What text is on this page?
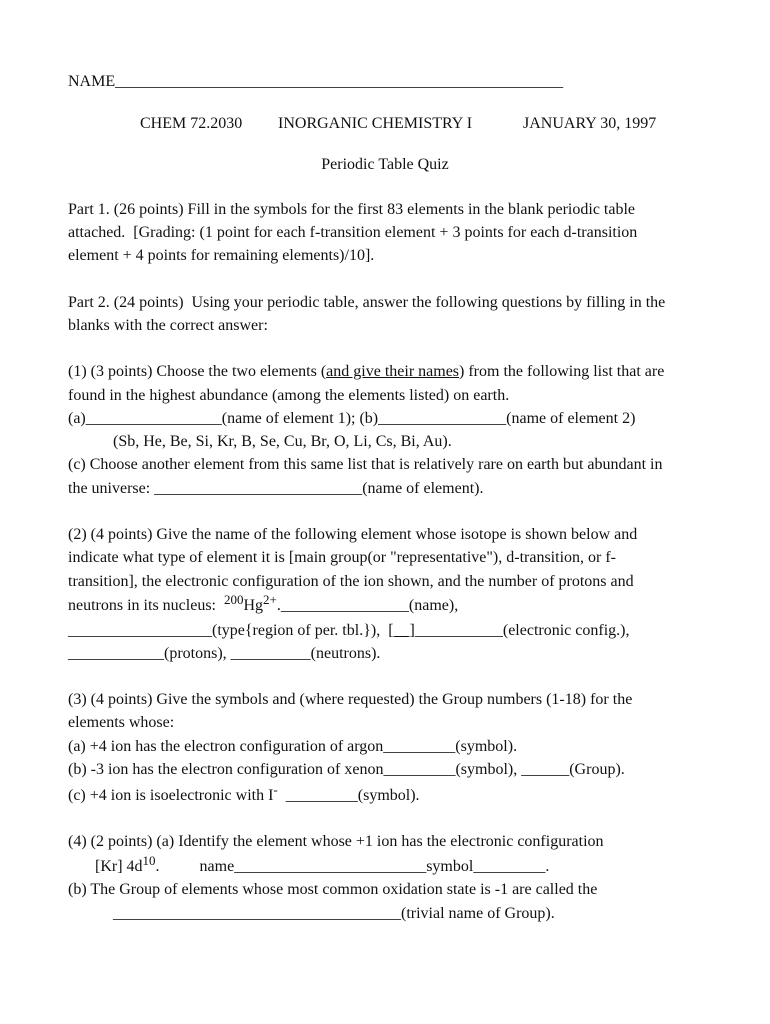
NAME________________________________________________________

CHEM 72.2030

INORGANIC CHEMISTRY I

	JANUARY 30, 1997

Periodic Table Quiz
Part 1. (26 points) Fill in the symbols for the first 83 elements in the blank periodic table
attached.  [Grading: (1 point for each f-transition element + 3 points for each d-transition
element + 4 points for remaining elements)/10].
Part 2. (24 points)  Using your periodic table, answer the following questions by filling in the
blanks with the correct answer:
(1) (3 points) Choose the two elements (and give their names) from the following list that are
found in the highest abundance (among the elements listed) on earth.
(a)_________________(name of element 1); (b)________________(name of element 2)
(Sb, He, Be, Si, Kr, B, Se, Cu, Br, O, Li, Cs, Bi, Au).
(c) Choose another element from this same list that is relatively rare on earth but abundant in
the universe: __________________________(name of element).
(2) (4 points) Give the name of the following element whose isotope is shown below and
indicate what type of element it is [main group(or "representative"), d-transition, or f-
transition], the electronic configuration of the ion shown, and the number of protons and
neutrons in its nucleus:  $^{200}Hg^{2+}.\_\_\_\_\_\_\_\_\_\_\_\_\_\_\_\_(name)$,
__________________(type{region of per. tbl.}),  [__]___________(electronic config.),
____________(protons), __________(neutrons).
(3) (4 points) Give the symbols and (where requested) the Group numbers (1-18) for the
elements whose:
(a) +4 ion has the electron configuration of argon_________(symbol).
(b) -3 ion has the electron configuration of xenon_________(symbol), ______(Group).
(c) +4 ion is isoelectronic with I-  _________(symbol).
(4) (2 points) (a) Identify the element whose +1 ion has the electronic configuration
[Kr] $4d^{10}$.          name________________________symbol_________.
(b) The Group of elements whose most common oxidation state is -1 are called the
____________________________________(trivial name of Group).
